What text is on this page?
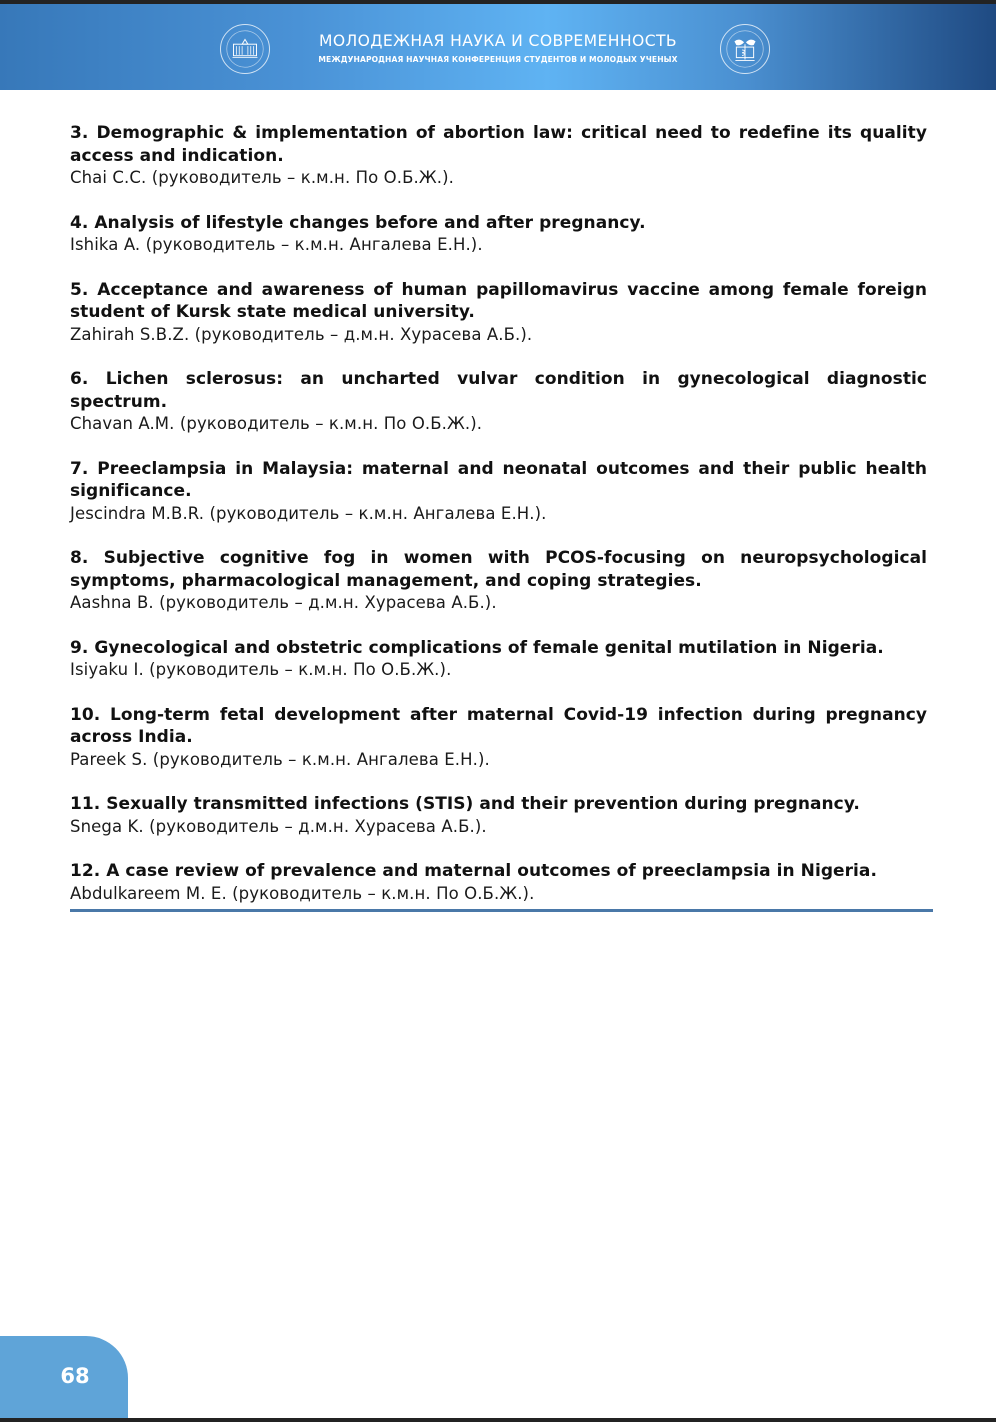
МОЛОДЕЖНАЯ НАУКА И СОВРЕМЕННОСТЬ
МЕЖДУНАРОДНАЯ НАУЧНАЯ КОНФЕРЕНЦИЯ СТУДЕНТОВ И МОЛОДЫХ УЧЕНЫХ
3. Demographic & implementation of abortion law: critical need to redefine its quality access and indication.
Chai C.C. (руководитель – к.м.н. По О.Б.Ж.).
4. Analysis of lifestyle changes before and after pregnancy.
Ishika A. (руководитель – к.м.н. Ангалева Е.Н.).
5. Acceptance and awareness of human papillomavirus vaccine among female foreign student of Kursk state medical university.
Zahirah S.B.Z. (руководитель – д.м.н. Хурасева А.Б.).
6. Lichen sclerosus: an uncharted vulvar condition in gynecological diagnostic spectrum.
Chavan A.M. (руководитель – к.м.н. По О.Б.Ж.).
7. Preeclampsia in Malaysia: maternal and neonatal outcomes and their public health significance.
Jescindra M.B.R. (руководитель – к.м.н. Ангалева Е.Н.).
8. Subjective cognitive fog in women with PCOS-focusing on neuropsychological symptoms, pharmacological management, and coping strategies.
Aashna B. (руководитель – д.м.н. Хурасева А.Б.).
9. Gynecological and obstetric complications of female genital mutilation in Nigeria.
Isiyaku I. (руководитель – к.м.н. По О.Б.Ж.).
10. Long-term fetal development after maternal Covid-19 infection during pregnancy across India.
Pareek S. (руководитель – к.м.н. Ангалева Е.Н.).
11. Sexually transmitted infections (STIS) and their prevention during pregnancy.
Snega K. (руководитель – д.м.н. Хурасева А.Б.).
12. A case review of prevalence and maternal outcomes of preeclampsia in Nigeria.
Abdulkareem M. E. (руководитель – к.м.н. По О.Б.Ж.).
68
